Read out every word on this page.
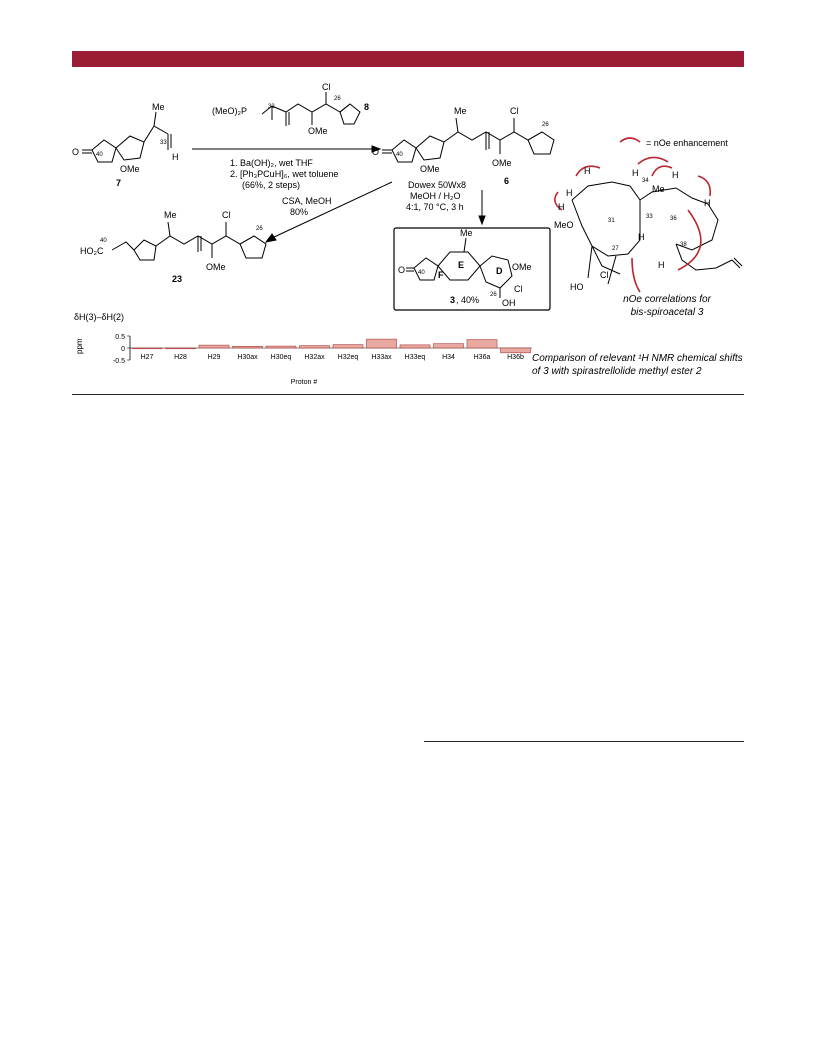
OMe
H
Me
33
40
O
7
(MeO)₂P	32
Cl
OMe
26
8
1. Ba(OH)₂, wet THF
2. [Ph₃PCuH]₆, wet toluene
(66%, 2 steps)
Me	Cl
OMe
OMe
26
40
O
6
CSA, MeOH
80%
Dowex 50Wx8
MeOH / H₂O
4:1, 70 °C, 3 h
HO₂C
40
Me	Cl
OMe
26
23
Me
OMe
Cl
OH
26
40
O	E
F	D
3 , 40%
= nOe enhancement
H
H
H	H	H
H
H
H
MeO
Me
Cl
HO
31
33
34
36
38
27
nOe correlations for
bis-spiroacetal 3
δH(3)–δH(2)
ppm
Proton #
0.5
0
-0.5
H27	H28	H29 H30ax H30eq H32ax H32eq H33ax H33eq H34	H36a H36b Comparison of relevant ¹H NMR chemical shifts
of 3 with spirastrellolide methyl ester 2
